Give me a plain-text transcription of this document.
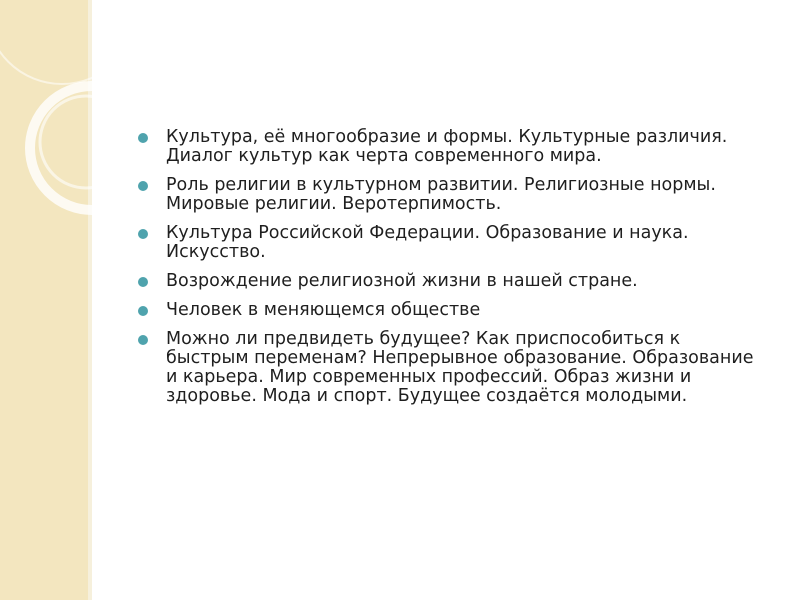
Культура, её многообразие и формы. Культурные различия. Диалог культур как черта современного мира.
Роль религии в культурном развитии. Религиозные нормы. Мировые религии. Веротерпимость.
Культура Российской Федерации. Образование и наука. Искусство.
Возрождение религиозной жизни в нашей стране.
Человек в меняющемся обществе
Можно ли предвидеть будущее? Как приспособиться к быстрым переменам? Непрерывное образование. Образование и карьера. Мир современных профессий. Образ жизни и здоровье. Мода и спорт. Будущее создаётся молодыми.
